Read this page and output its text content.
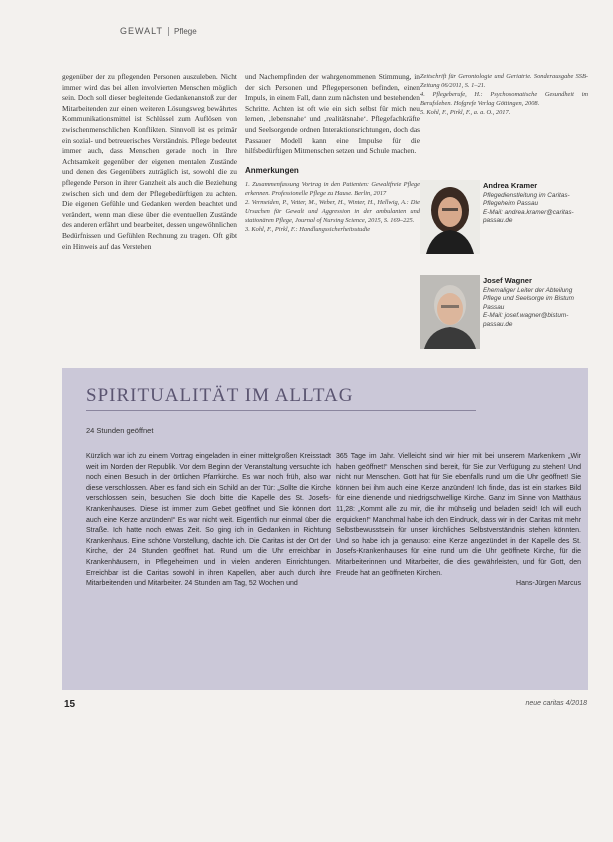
GEWALT Pflege

gegenüber der zu pflegenden Personen auszuleben. Nicht immer wird das bei allen involvierten Menschen möglich sein. Doch soll dieser begleitende Gedankenanstoß zur der Mitarbeitenden zur einen weiteren Lösungsweg bewährtes Kommunikationsmittel ist Schlüssel zum Auflösen von zwischenmenschlichen Konflikten. Sinnvoll ist es primär ein sozial- und betreuerisches Verständnis. Pflege bedeutet immer auch, dass Menschen gerade noch in Ihre Achtsamkeit gegenüber der eigenen mentalen Zustände und denen des Gegenübers zuträglich ist, sowohl die zu pflegende Person in ihrer Ganzheit als auch die Beziehung zwischen sich und dem der Pflegebedürftigen zu achten. Die eigenen Gefühle und Gedanken werden beachtet und verändert, wenn man diese über die eventuellen Zustände des anderen erfährt und bearbeitet, dessen ungewöhnlichen Bedürfnissen und Gefühlen Rechnung zu tragen. Oft gibt ein Hinweis auf das Verstehen

und Nachempfinden der wahrgenommenen Stimmung, in der sich Personen und Pflegepersonen befinden, einen Impuls, in einem Fall, dann zum nächsten und bestehenden Schritte. Achten ist oft wie ein sich selbst für mich neu lernen, ‚lebensnahe‘ und ‚realitätsnahe‘. Pflegefachkräfte und Seelsorgende ordnen Interaktionsrichtungen, doch das Passauer Modell kann eine Impulse für die hilfsbedürftigen Mitmenschen setzen und Schule machen.

Anmerkungen

1. Zusammenfassung Vortrag in den Patienten: Gewaltfreie Pflege erkennen. Professionelle Pflege zu Hause. Berlin, 2017

2. Vermeiden, P., Vetter, M., Weber, H., Winter, H., Hellwig, A.: Die Ursachen für Gewalt und Aggression in der ambulanten und stationären Pflege, Journal of Nursing Science, 2015, S. 169–225.

3. Kohl, F., Pirkl, F.: Handlungssicherheitsstudie

Zeitschrift für Gerontologie und Geriatrie. Sonderausgabe SSB-Zeitung 06/2011, S. 1–21.

4. Pflegeberufe, H.: Psychosomatische Gesundheit im Berufsleben. Hofgrefe Verlag Göttingen, 2008.

5. Kohl, F., Pirkl, F., a. a. O., 2017.

Andrea Kramer
Pflegedienstleitung im Caritas-Pflegeheim Passau
E-Mail: andrea.kramer@caritas-passau.de
Josef Wagner
Ehemaliger Leiter der Abteilung Pflege und Seelsorge im Bistum Passau
E-Mail: josef.wagner@bistum-passau.de
SPIRITUALITÄT IM ALLTAG
24 Stunden geöffnet

Kürzlich war ich zu einem Vortrag eingeladen in einer mittelgroßen Kreisstadt weit im Norden der Republik. Vor dem Beginn der Veranstaltung versuchte ich noch einen Besuch in der örtlichen Pfarrkirche. Es war noch früh, also war diese verschlossen. Aber es fand sich ein Schild an der Tür: „Sollte die Kirche verschlossen sein, besuchen Sie doch bitte die Kapelle des St. Josefs-Krankenhauses. Diese ist immer zum Gebet geöffnet und Sie können dort auch eine Kerze anzünden!“ Es war nicht weit. Eigentlich nur einmal über die Straße. Ich hatte noch etwas Zeit. So ging ich in Gedanken in Richtung Krankenhaus. Eine schöne Vorstellung, dachte ich. Die Caritas ist der Ort der Kirche, der 24 Stunden geöffnet hat. Rund um die Uhr erreichbar in Krankenhäusern, in Pflegeheimen und in vielen anderen Einrichtungen. Erreichbar ist die Caritas sowohl in ihren Kapellen, aber auch durch ihre Mitarbeitenden und Mitarbeiter. 24 Stunden am Tag, 52 Wochen und

365 Tage im Jahr. Vielleicht sind wir hier mit bei unserem Markenkern „Wir haben geöffnet!“ Menschen sind bereit, für Sie zur Verfügung zu stehen! Und nicht nur Menschen. Gott hat für Sie ebenfalls rund um die Uhr geöffnet! Sie können bei ihm auch eine Kerze anzünden! Ich finde, das ist ein starkes Bild für eine dienende und niedrigschwellige Kirche. Ganz im Sinne von Matthäus 11,28: „Kommt alle zu mir, die ihr mühselig und beladen seid! Ich will euch erquicken!“ Manchmal habe ich den Eindruck, dass wir in der Caritas mit mehr Selbstbewusstsein für unser kirchliches Selbstverständnis stehen könnten. Und so habe ich ja genauso: eine Kerze angezündet in der Kapelle des St. Josefs-Krankenhauses für eine rund um die Uhr geöffnete Kirche, für die Mitarbeiterinnen und Mitarbeiter, die dies gewährleisten, und für Gott, den Freude hat an geöffneten Kirchen.

Hans-Jürgen Marcus

15	neue caritas 4/2018
